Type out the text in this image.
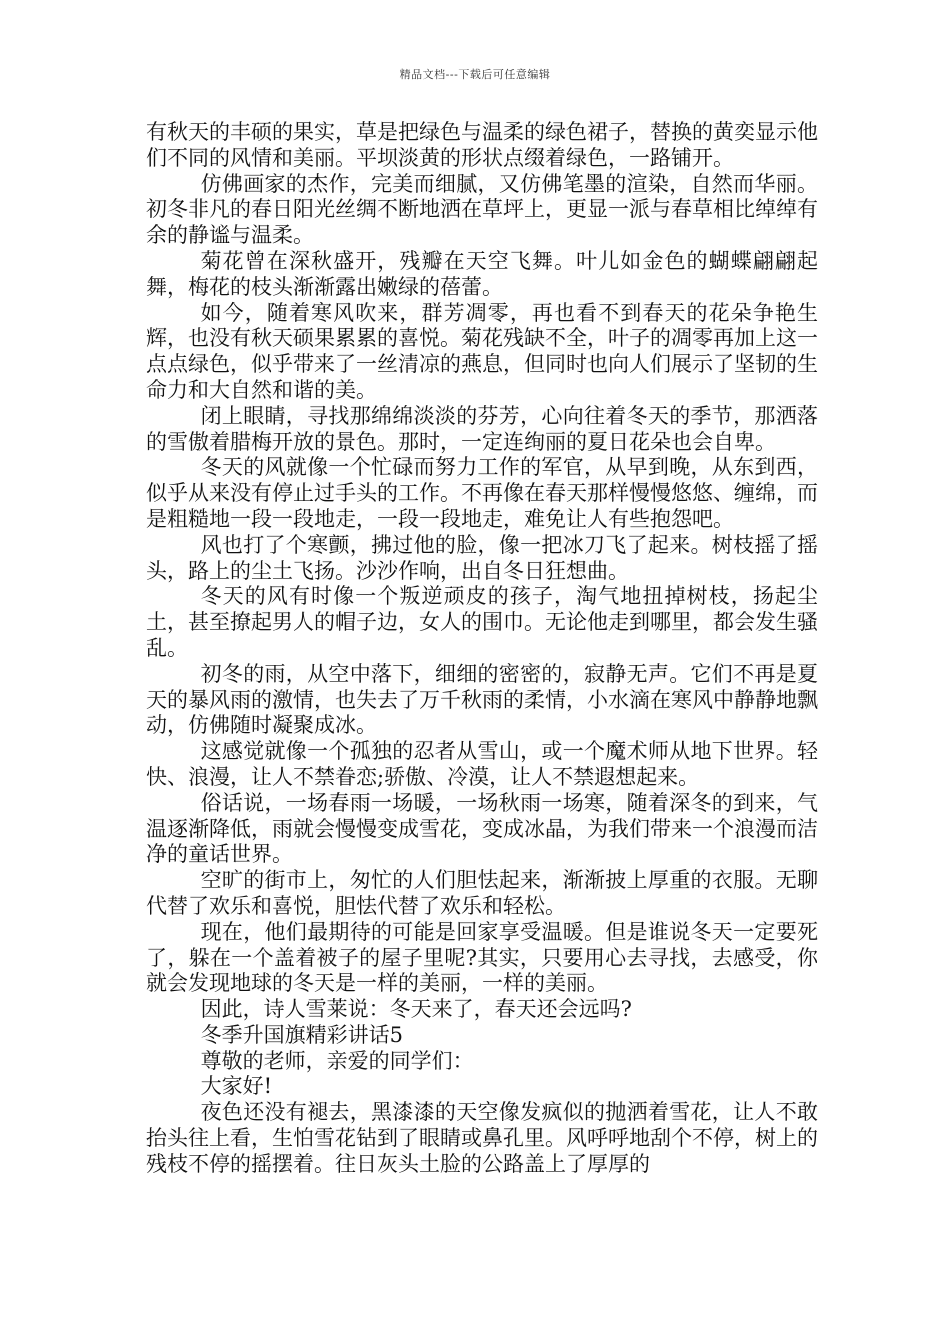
精品文档---下载后可任意编辑

有秋天的丰硕的果实，草是把绿色与温柔的绿色裙子，替换的黄奕显示他们不同的风情和美丽。平坝淡黄的形状点缀着绿色，一路铺开。

仿佛画家的杰作，完美而细腻，又仿佛笔墨的渲染，自然而华丽。初冬非凡的春日阳光丝绸不断地洒在草坪上，更显一派与春草相比绰绰有余的静谧与温柔。

菊花曾在深秋盛开，残瓣在天空飞舞。叶儿如金色的蝴蝶翩翩起舞，梅花的枝头渐渐露出嫩绿的蓓蕾。

如今，随着寒风吹来，群芳凋零，再也看不到春天的花朵争艳生辉，也没有秋天硕果累累的喜悦。菊花残缺不全，叶子的凋零再加上这一点点绿色，似乎带来了一丝清凉的燕息，但同时也向人们展示了坚韧的生命力和大自然和谐的美。

闭上眼睛，寻找那绵绵淡淡的芬芳，心向往着冬天的季节，那洒落的雪傲着腊梅开放的景色。那时，一定连绚丽的夏日花朵也会自卑。

冬天的风就像一个忙碌而努力工作的军官，从早到晚，从东到西，似乎从来没有停止过手头的工作。不再像在春天那样慢慢悠悠、缠绵，而是粗糙地一段一段地走，一段一段地走，难免让人有些抱怨吧。

风也打了个寒颤，拂过他的脸，像一把冰刀飞了起来。树枝摇了摇头，路上的尘土飞扬。沙沙作响，出自冬日狂想曲。

冬天的风有时像一个叛逆顽皮的孩子，淘气地扭掉树枝，扬起尘土，甚至撩起男人的帽子边，女人的围巾。无论他走到哪里，都会发生骚乱。

初冬的雨，从空中落下，细细的密密的，寂静无声。它们不再是夏天的暴风雨的激情，也失去了万千秋雨的柔情，小水滴在寒风中静静地飘动，仿佛随时凝聚成冰。

这感觉就像一个孤独的忍者从雪山，或一个魔术师从地下世界。轻快、浪漫，让人不禁眷恋;骄傲、冷漠，让人不禁遐想起来。

俗话说，一场春雨一场暖，一场秋雨一场寒，随着深冬的到来，气温逐渐降低，雨就会慢慢变成雪花，变成冰晶，为我们带来一个浪漫而洁净的童话世界。

空旷的街市上，匆忙的人们胆怯起来，渐渐披上厚重的衣服。无聊代替了欢乐和喜悦，胆怯代替了欢乐和轻松。

现在，他们最期待的可能是回家享受温暖。但是谁说冬天一定要死了，躲在一个盖着被子的屋子里呢?其实，只要用心去寻找，去感受，你就会发现地球的冬天是一样的美丽，一样的美丽。

因此，诗人雪莱说：冬天来了，春天还会远吗?

冬季升国旗精彩讲话5

尊敬的老师，亲爱的同学们：

大家好!

夜色还没有褪去，黑漆漆的天空像发疯似的抛洒着雪花，让人不敢抬头往上看，生怕雪花钻到了眼睛或鼻孔里。风呼呼地刮个不停，树上的残枝不停的摇摆着。往日灰头土脸的公路盖上了厚厚的
